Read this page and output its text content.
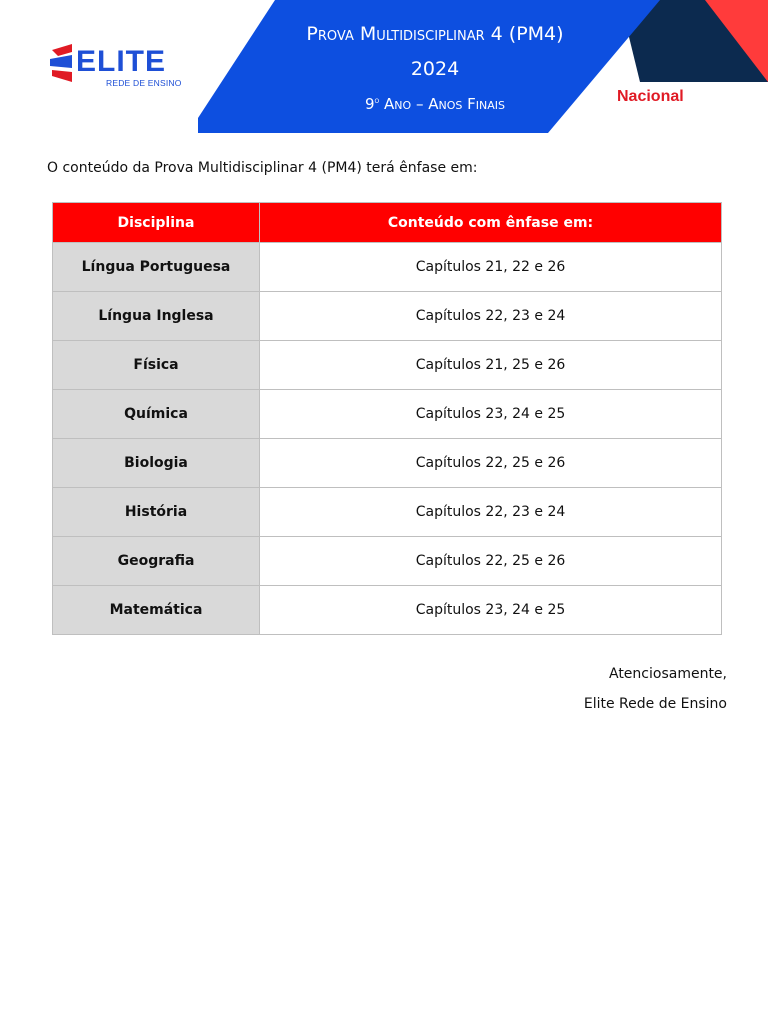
ELITE
REDE DE ENSINO
Prova Multidisciplinar 4 (PM4)
2024
9$^o$ Ano – Anos Finais	Nacional
O conteúdo da Prova Multidisciplinar 4 (PM4) terá ênfase em:
Disciplina	Conteúdo com ênfase em:
Língua Portuguesa	Capítulos 21, 22 e 26
Língua Inglesa	Capítulos 22, 23 e 24
Física	Capítulos 21, 25 e 26
Química	Capítulos 23, 24 e 25
Biologia	Capítulos 22, 25 e 26
História	Capítulos 22, 23 e 24
Geografia	Capítulos 22, 25 e 26
Matemática	Capítulos 23, 24 e 25
Atenciosamente,
Elite Rede de Ensino
